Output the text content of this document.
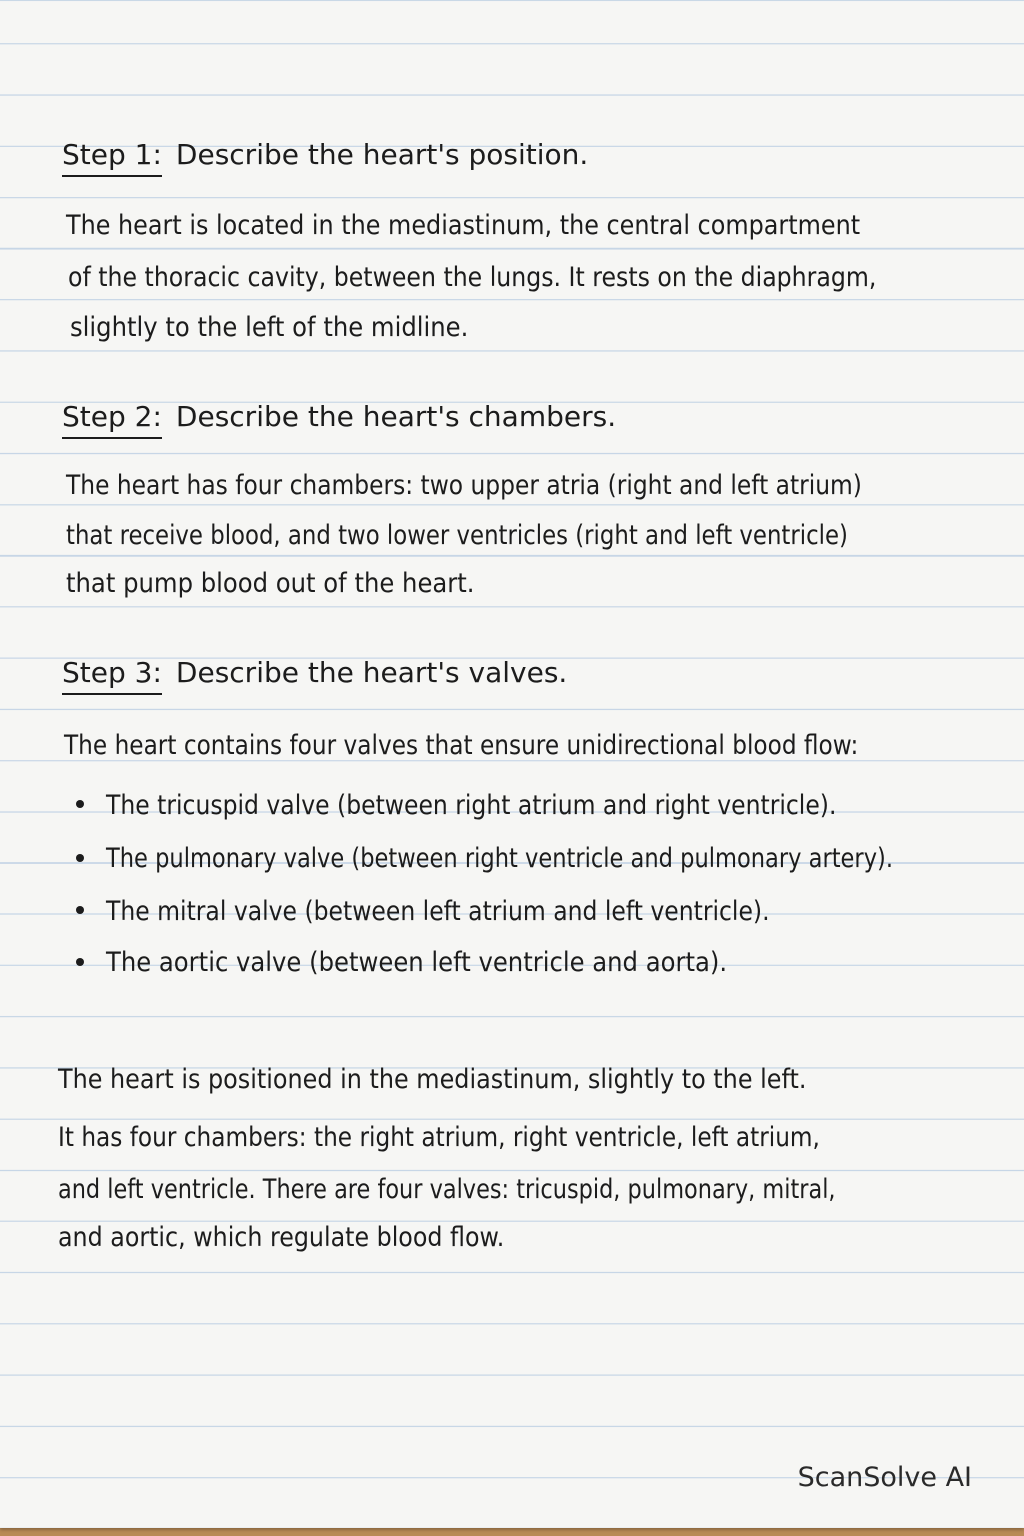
Step 1: Describe the heart's position.
The heart is located in the mediastinum, the central compartment
of the thoracic cavity, between the lungs. It rests on the diaphragm,
slightly to the left of the midline.
Step 2: Describe the heart's chambers.
The heart has four chambers: two upper atria (right and left atrium)
that receive blood, and two lower ventricles (right and left ventricle)
that pump blood out of the heart.
Step 3: Describe the heart's valves.
The heart contains four valves that ensure unidirectional blood flow:
The tricuspid valve (between right atrium and right ventricle).
The pulmonary valve (between right ventricle and pulmonary artery).
The mitral valve (between left atrium and left ventricle).
The aortic valve (between left ventricle and aorta).
The heart is positioned in the mediastinum, slightly to the left.
It has four chambers: the right atrium, right ventricle, left atrium,
and left ventricle. There are four valves: tricuspid, pulmonary, mitral,
and aortic, which regulate blood flow.
ScanSolve AI
